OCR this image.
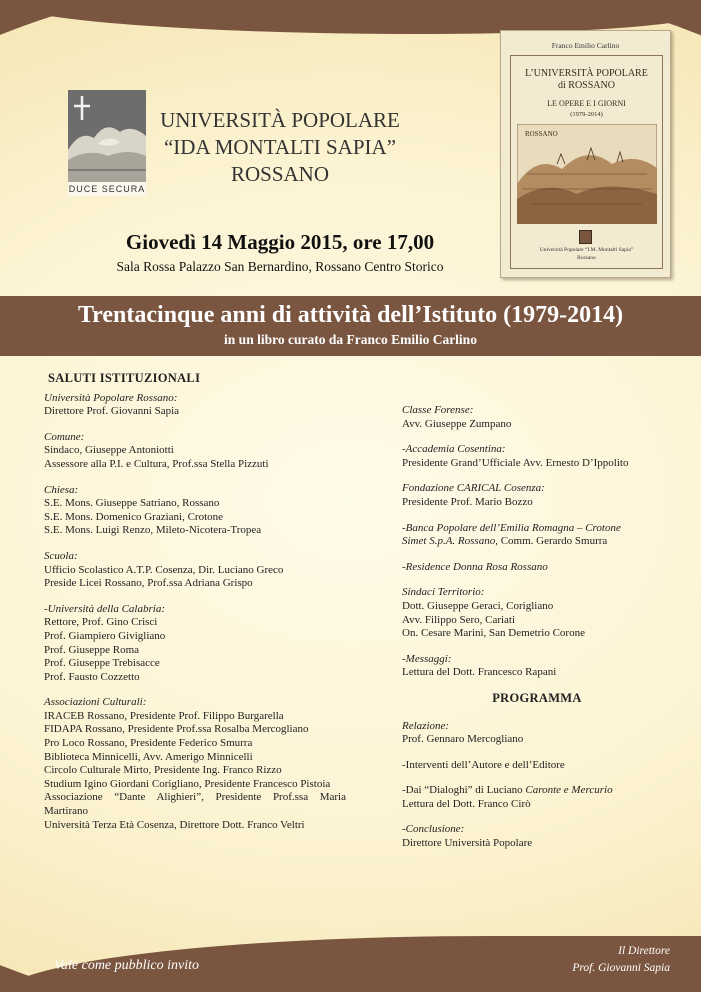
DUCE SECURA
UNIVERSITÀ POPOLARE
“IDA MONTALTI SAPIA”
ROSSANO
Franco Emilio Carlino
L’UNIVERSITÀ POPOLARE
di ROSSANO
LE OPERE E I GIORNI
(1979-2014)
ROSSANO
Università Popolare “I.M. Montalti Sapia”
Rossano
Giovedì 14 Maggio 2015, ore 17,00
Sala Rossa Palazzo San Bernardino, Rossano Centro Storico
Trentacinque anni di attività dell’Istituto (1979-2014)
in un libro curato da Franco Emilio Carlino
SALUTI ISTITUZIONALI
Università Popolare Rossano:
Direttore Prof. Giovanni Sapia
Comune:
Sindaco, Giuseppe Antoniotti
Assessore alla P.I. e Cultura, Prof.ssa Stella Pizzuti
Chiesa:
S.E. Mons. Giuseppe Satriano, Rossano
S.E. Mons. Domenico Graziani, Crotone
S.E. Mons. Luigi Renzo, Mileto-Nicotera-Tropea
Scuola:
Ufficio Scolastico A.T.P. Cosenza, Dir. Luciano Greco
Preside Licei Rossano, Prof.ssa Adriana Grispo
-Università della Calabria:
Rettore, Prof. Gino Crisci
Prof. Giampiero Givigliano
Prof. Giuseppe Roma
Prof. Giuseppe Trebisacce
Prof. Fausto Cozzetto
Associazioni Culturali:
IRACEB Rossano, Presidente Prof. Filippo Burgarella
FIDAPA Rossano, Presidente Prof.ssa Rosalba Mercogliano
Pro Loco Rossano, Presidente Federico Smurra
Biblioteca Minnicelli, Avv. Amerigo Minnicelli
Circolo Culturale Mirto, Presidente Ing. Franco Rizzo
Studium Igino Giordani Corigliano, Presidente Francesco Pistoia
Associazione “Dante Alighieri”, Presidente Prof.ssa Maria Martirano
Università Terza Età Cosenza, Direttore Dott. Franco Veltri
Classe Forense:
Avv. Giuseppe Zumpano
-Accademia Cosentina:
Presidente Grand’Ufficiale Avv. Ernesto D’Ippolito
Fondazione CARICAL Cosenza:
Presidente Prof. Mario Bozzo
-Banca Popolare dell’Emilia Romagna – Crotone
Simet S.p.A. Rossano, Comm. Gerardo Smurra
-Residence Donna Rosa Rossano
Sindaci Territorio:
Dott. Giuseppe Geraci, Corigliano
Avv. Filippo Sero, Cariati
On. Cesare Marini, San Demetrio Corone
-Messaggi:
Lettura del Dott. Francesco Rapani
PROGRAMMA
Relazione:
Prof. Gennaro Mercogliano
-Interventi dell’Autore e dell’Editore
-Dai “Dialoghi” di Luciano Caronte e Mercurio
Lettura del Dott. Franco Cirò
-Conclusione:
Direttore Università Popolare
Vale come pubblico invito
Il Direttore
Prof. Giovanni Sapia
